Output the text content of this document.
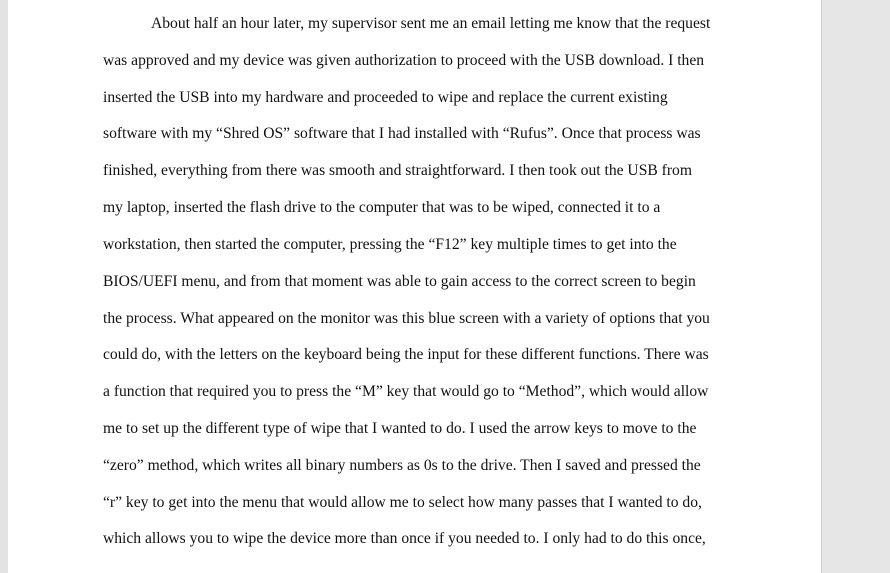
About half an hour later, my supervisor sent me an email letting me know that the request

was approved and my device was given authorization to proceed with the USB download. I then

inserted the USB into my hardware and proceeded to wipe and replace the current existing

software with my “Shred OS” software that I had installed with “Rufus”. Once that process was

finished, everything from there was smooth and straightforward. I then took out the USB from

my laptop, inserted the flash drive to the computer that was to be wiped, connected it to a

workstation, then started the computer, pressing the “F12” key multiple times to get into the

BIOS/UEFI menu, and from that moment was able to gain access to the correct screen to begin

the process. What appeared on the monitor was this blue screen with a variety of options that you

could do, with the letters on the keyboard being the input for these different functions. There was

a function that required you to press the “M” key that would go to “Method”, which would allow

me to set up the different type of wipe that I wanted to do. I used the arrow keys to move to the

“zero” method, which writes all binary numbers as 0s to the drive. Then I saved and pressed the

“r” key to get into the menu that would allow me to select how many passes that I wanted to do,

which allows you to wipe the device more than once if you needed to. I only had to do this once,
